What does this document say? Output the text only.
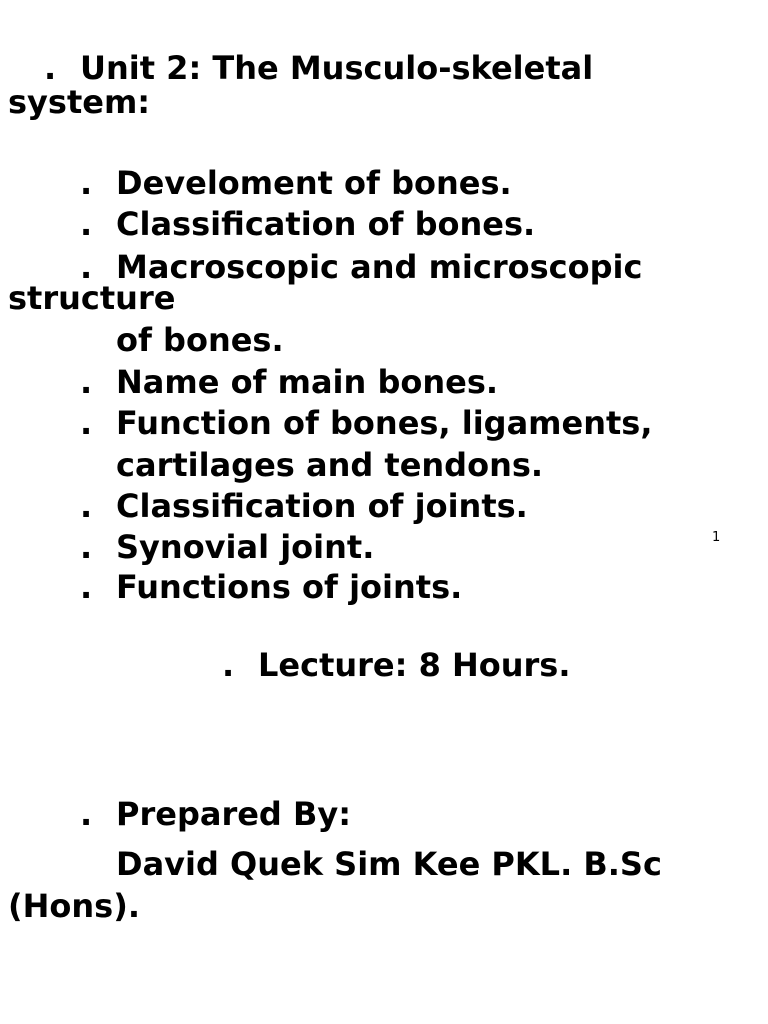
. Unit 2: The Musculo-skeletal
system:
. Develoment of bones.
. Classification of bones.
. Macroscopic and microscopic
structure
of bones.
. Name of main bones.
. Function of bones, ligaments,
cartilages and tendons.
. Classification of joints.
. Synovial joint.
. Functions of joints.
1
. Lecture: 8 Hours.
. Prepared By:
David Quek Sim Kee PKL. B.Sc
(Hons).
